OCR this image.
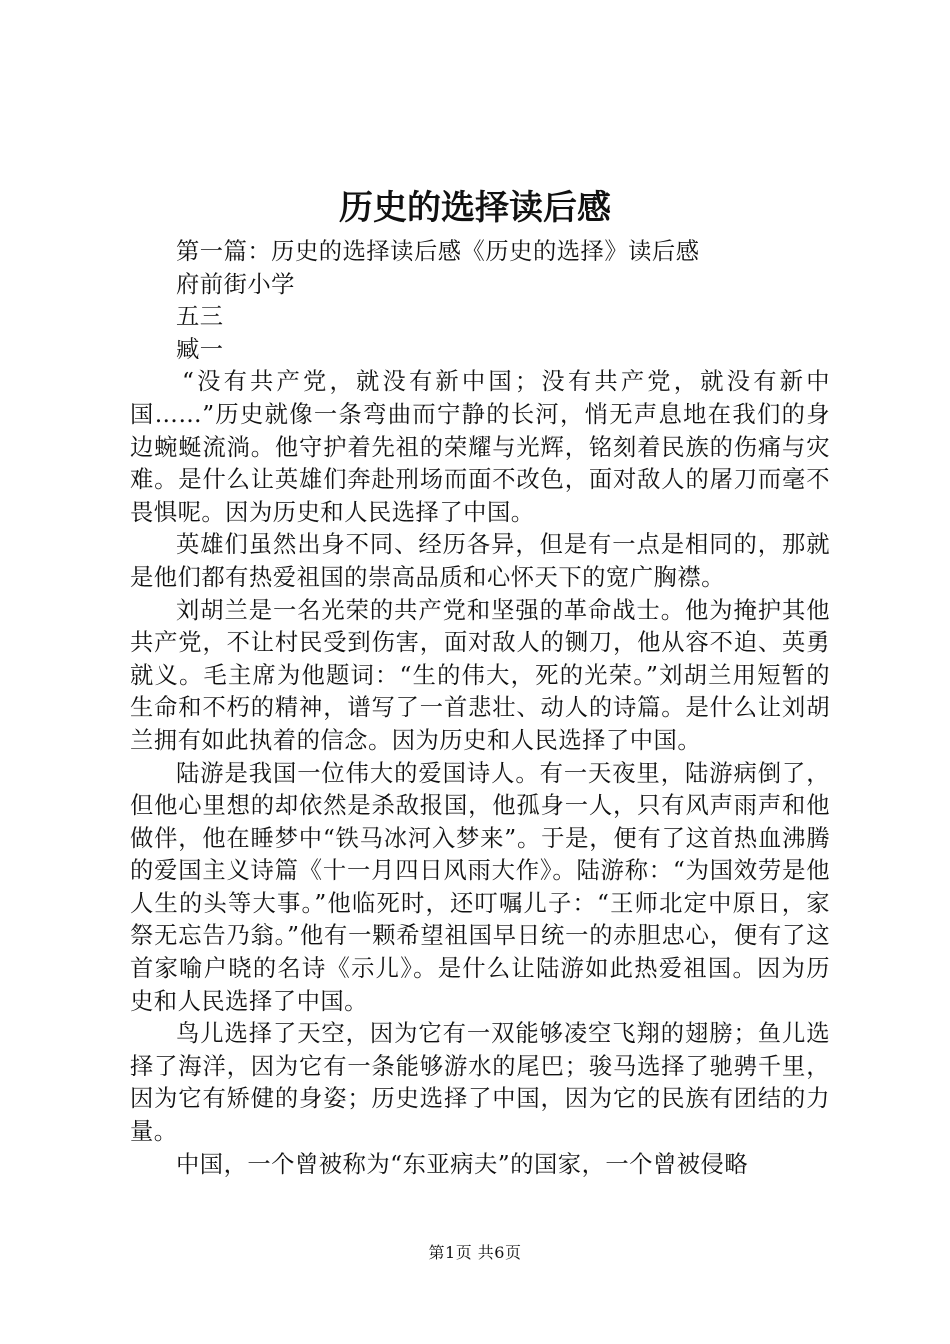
历史的选择读后感

第一篇：历史的选择读后感《历史的选择》读后感

府前街小学

五三

臧一

“没有共产党，就没有新中国；没有共产党，就没有新中国……”历史就像一条弯曲而宁静的长河，悄无声息地在我们的身边蜿蜒流淌。他守护着先祖的荣耀与光辉，铭刻着民族的伤痛与灾难。是什么让英雄们奔赴刑场而面不改色，面对敌人的屠刀而毫不畏惧呢。因为历史和人民选择了中国。

英雄们虽然出身不同、经历各异，但是有一点是相同的，那就是他们都有热爱祖国的崇高品质和心怀天下的宽广胸襟。

刘胡兰是一名光荣的共产党和坚强的革命战士。他为掩护其他共产党，不让村民受到伤害，面对敌人的铡刀，他从容不迫、英勇就义。毛主席为他题词：“生的伟大，死的光荣。”刘胡兰用短暂的生命和不朽的精神，谱写了一首悲壮、动人的诗篇。是什么让刘胡兰拥有如此执着的信念。因为历史和人民选择了中国。

陆游是我国一位伟大的爱国诗人。有一天夜里，陆游病倒了，但他心里想的却依然是杀敌报国，他孤身一人，只有风声雨声和他做伴，他在睡梦中“铁马冰河入梦来”。于是，便有了这首热血沸腾的爱国主义诗篇《十一月四日风雨大作》。陆游称：“为国效劳是他人生的头等大事。”他临死时，还叮嘱儿子：“王师北定中原日，家祭无忘告乃翁。”他有一颗希望祖国早日统一的赤胆忠心，便有了这首家喻户晓的名诗《示儿》。是什么让陆游如此热爱祖国。因为历史和人民选择了中国。

鸟儿选择了天空，因为它有一双能够凌空飞翔的翅膀；鱼儿选择了海洋，因为它有一条能够游水的尾巴；骏马选择了驰骋千里，因为它有矫健的身姿；历史选择了中国，因为它的民族有团结的力量。

中国，一个曾被称为“东亚病夫”的国家，一个曾被侵略

第1页 共6页
